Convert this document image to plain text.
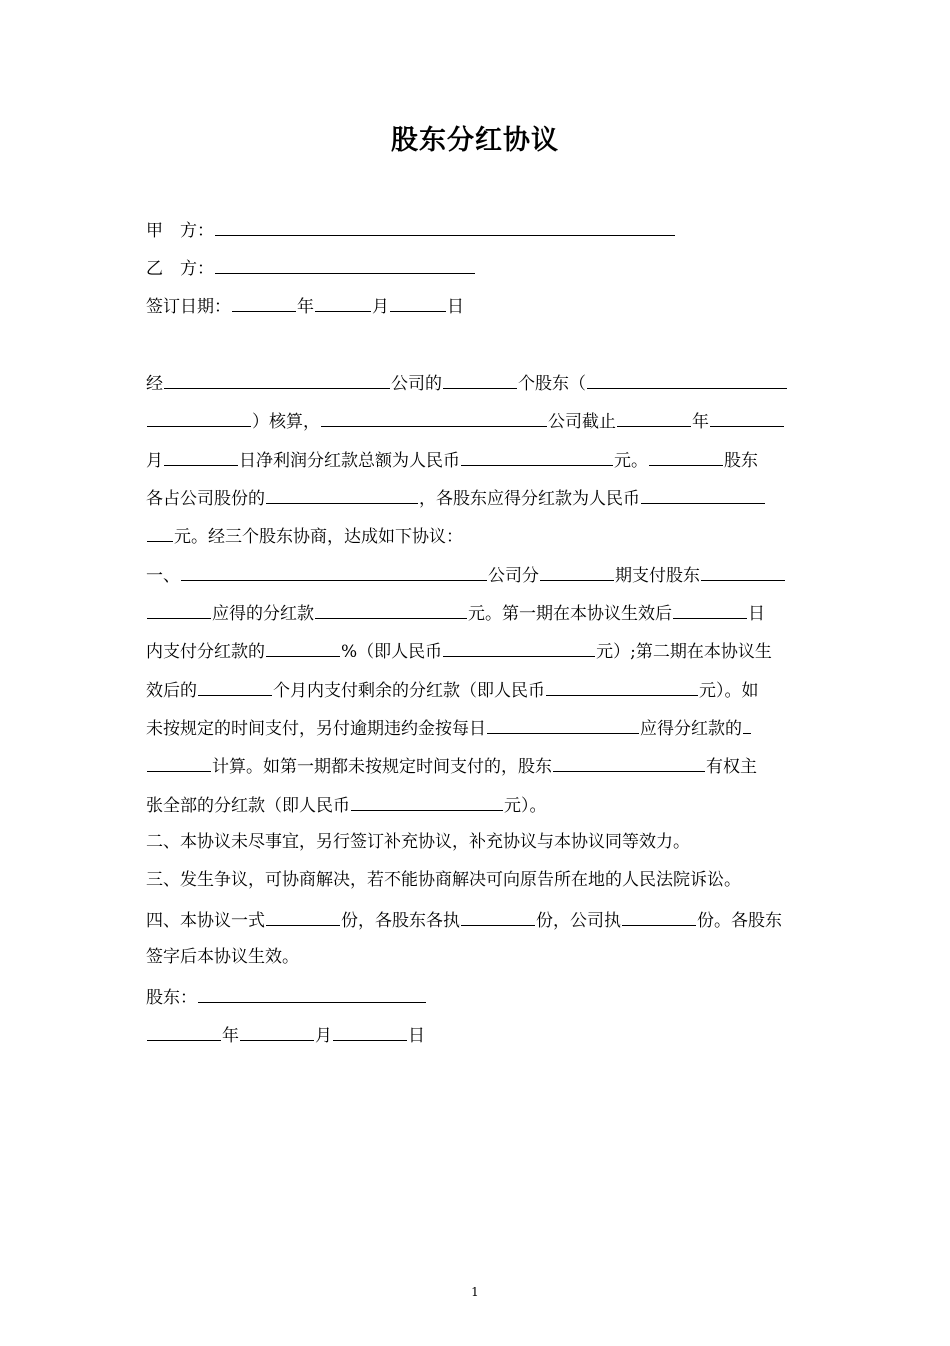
股东分红协议
甲　方：
乙　方：
签订日期：	年	月	日
经	公司的	个股东（
）核算，	公司截止	年
月	日净利润分红款总额为人民币	元。	股东
各占公司股份的	，各股东应得分红款为人民币
元。经三个股东协商，达成如下协议：
一、	公司分	期支付股东
应得的分红款	元。第一期在本协议生效后	日
内支付分红款的	%（即人民币	元）;第二期在本协议生
效后的	个月内支付剩余的分红款（即人民币	元）。如
未按规定的时间支付，另付逾期违约金按每日	应得分红款的
计算。如第一期都未按规定时间支付的，股东	有权主
张全部的分红款（即人民币	元）。
二、本协议未尽事宜，另行签订补充协议，补充协议与本协议同等效力。
三、发生争议，可协商解决，若不能协商解决可向原告所在地的人民法院诉讼。
四、本协议一式	份，各股东各执	份，公司执	份。各股东
签字后本协议生效。
股东：
年	月	日
1
